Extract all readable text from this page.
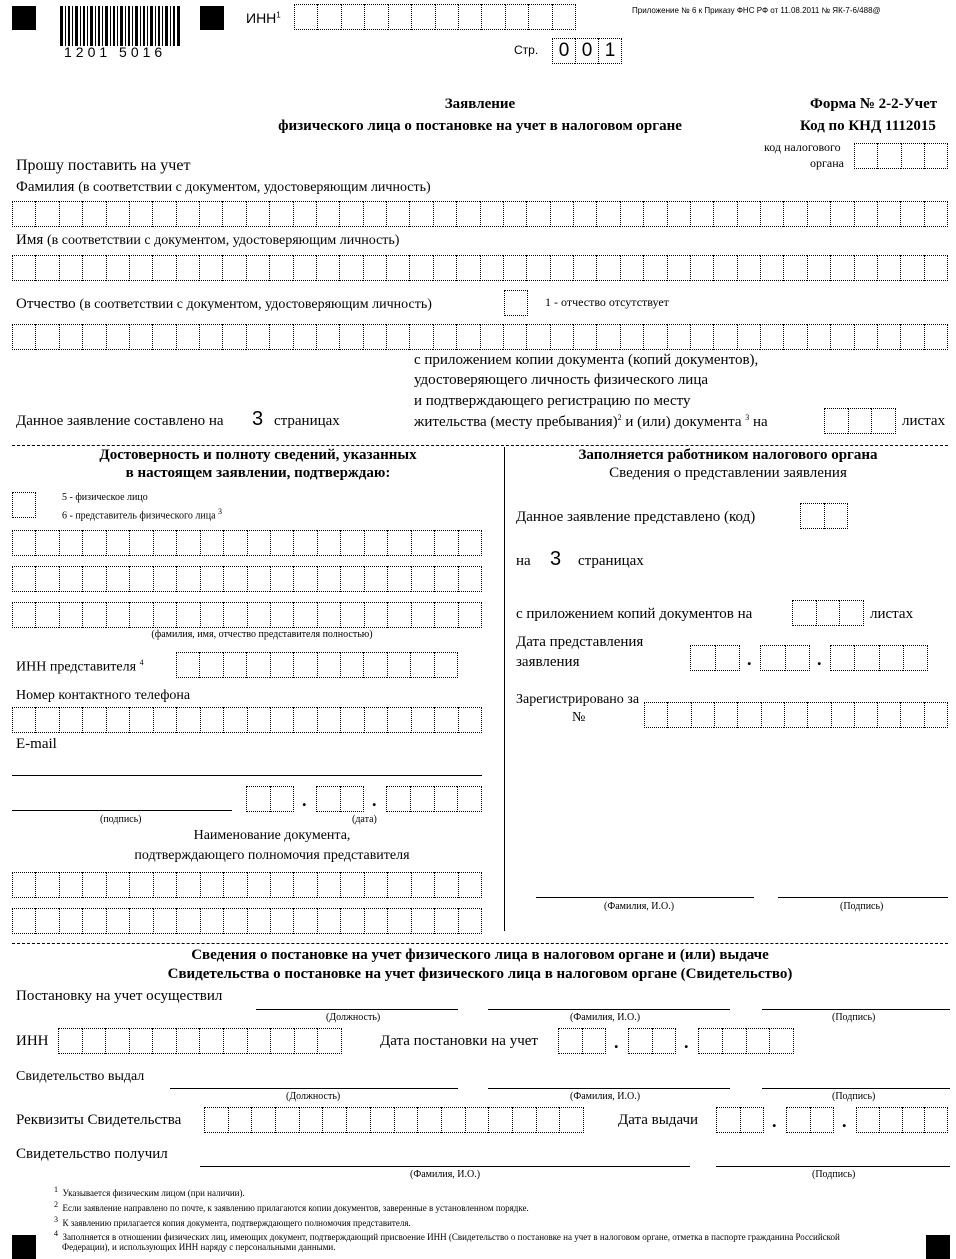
1201 5016
ИНН$^1$	Приложение № 6 к Приказу ФНС РФ от 11.08.2011 № ЯК-7-6/488@
Стр.	0 0 1
Заявление
физического лица о постановке на учет в налоговом органе
Форма № 2-2-Учет
Код по КНД 1112015
код налогового
органа
Прошу поставить на учет
Фамилия (в соответствии с документом, удостоверяющим личность)
Имя (в соответствии с документом, удостоверяющим личность)
Отчество (в соответствии с документом, удостоверяющим личность)	1 - отчество отсутствует
с приложением копии документа (копий документов),
удостоверяющего личность физического лица
и подтверждающего регистрацию по месту
жительства (месту пребывания)$^2$ и (или) документа $^3$ на
Данное заявление составлено на 3 страницах	листах
Достоверность и полноту сведений, указанных
в настоящем заявлении, подтверждаю:
5 - физическое лицо
6 - представитель физического лица $^3$
(фамилия, имя, отчество представителя полностью)
ИНН представителя $^4$
Номер контактного телефона
E-mail
.	.
(подпись)	(дата)
Наименование документа,
подтверждающего полномочия представителя
Заполняется работником налогового органа
Сведения о представлении заявления
Данное заявление представлено (код)
на 3 страницах
с приложением копий документов на	листах
Дата представления
заявления	.	.
Зарегистрировано за
№
(Фамилия, И.О.)	(Подпись)
Сведения о постановке на учет физического лица в налоговом органе и (или) выдаче
Свидетельства о постановке на учет физического лица в налоговом органе (Свидетельство)
Постановку на учет осуществил
(Должность)	(Фамилия, И.О.)	(Подпись)
ИНН	Дата постановки на учет	.	.
Свидетельство выдал
(Должность)	(Фамилия, И.О.)	(Подпись)
Реквизиты Свидетельства	Дата выдачи	.	.
Свидетельство получил
(Фамилия, И.О.)	(Подпись)
$^1$ Указывается физическим лицом (при наличии).
$^2$ Если заявление направлено по почте, к заявлению прилагаются копии документов, заверенные в установленном порядке.
$^3$ К заявлению прилагается копия документа, подтверждающего полномочия представителя.
$^4$ Заполняется в отношении физических лиц, имеющих документ, подтверждающий присвоение ИНН (Свидетельство о постановке на учет в налоговом органе, отметка в паспорте гражданина Российской
Федерации), и использующих ИНН наряду с персональными данными.
